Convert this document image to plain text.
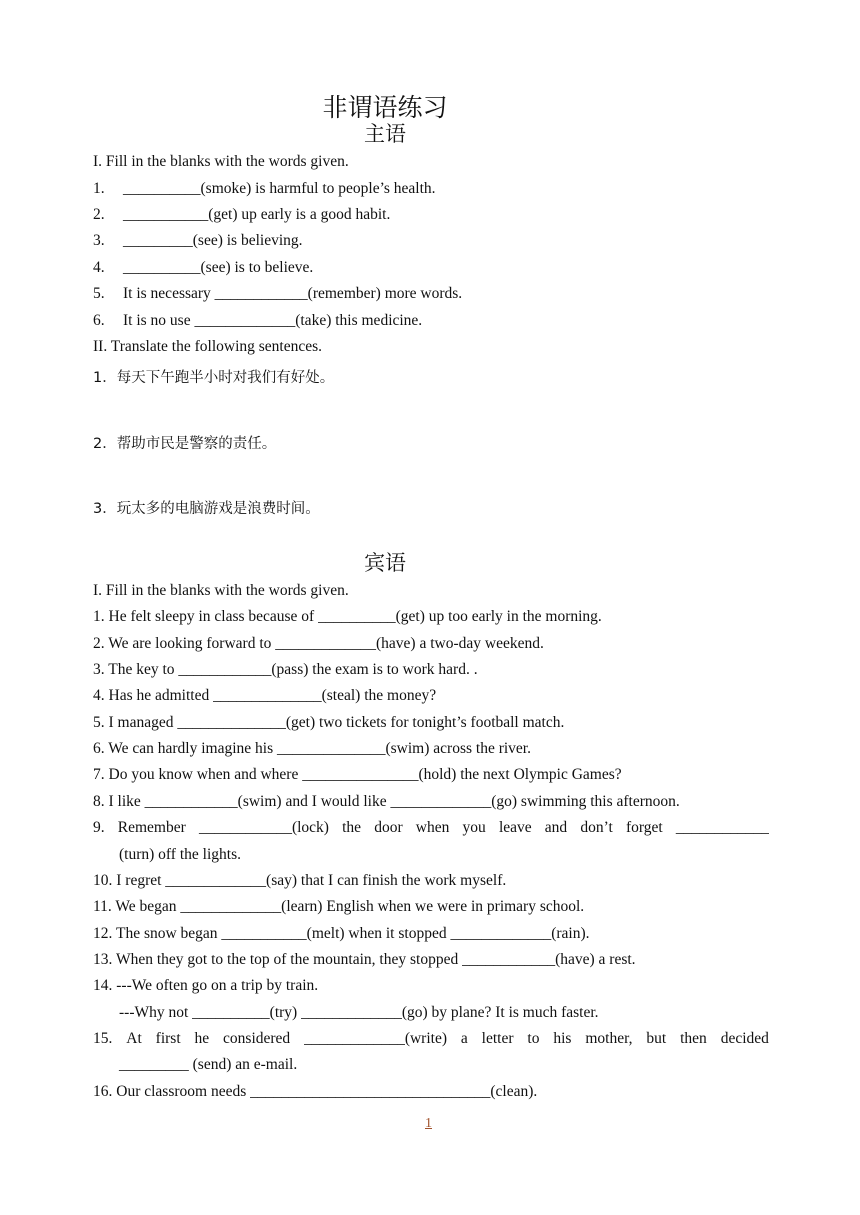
非谓语练习
主语
I. Fill in the blanks with the words given.
1. __________(smoke) is harmful to people’s health.
2. ___________(get) up early is a good habit.
3. _________(see) is believing.
4. __________(see) is to believe.
5. It is necessary ____________(remember) more words.
6. It is no use _____________(take) this medicine.
II. Translate the following sentences.
1．每天下午跑半小时对我们有好处。
2．帮助市民是警察的责任。
3．玩太多的电脑游戏是浪费时间。
宾语
I. Fill in the blanks with the words given.
1. He felt sleepy in class because of __________(get) up too early in the morning.
2. We are looking forward to _____________(have) a two-day weekend.
3. The key to ____________(pass) the exam is to work hard. .
4. Has he admitted ______________(steal) the money?
5. I managed ______________(get) two tickets for tonight’s football match.
6. We can hardly imagine his ______________(swim) across the river.
7. Do you know when and where _______________(hold) the next Olympic Games?
8. I like ____________(swim) and I would like _____________(go) swimming this afternoon.
9. Remember ____________(lock) the door when you leave and don’t forget ____________
(turn) off the lights.
10. I regret _____________(say) that I can finish the work myself.
11. We began _____________(learn) English when we were in primary school.
12. The snow began ___________(melt) when it stopped _____________(rain).
13. When they got to the top of the mountain, they stopped ____________(have) a rest.
14. ---We often go on a trip by train.
---Why not __________(try) _____________(go) by plane? It is much faster.
15. At first he considered _____________(write) a letter to his mother, but then decided
_________ (send) an e-mail.
16. Our classroom needs _______________________________(clean).
1
